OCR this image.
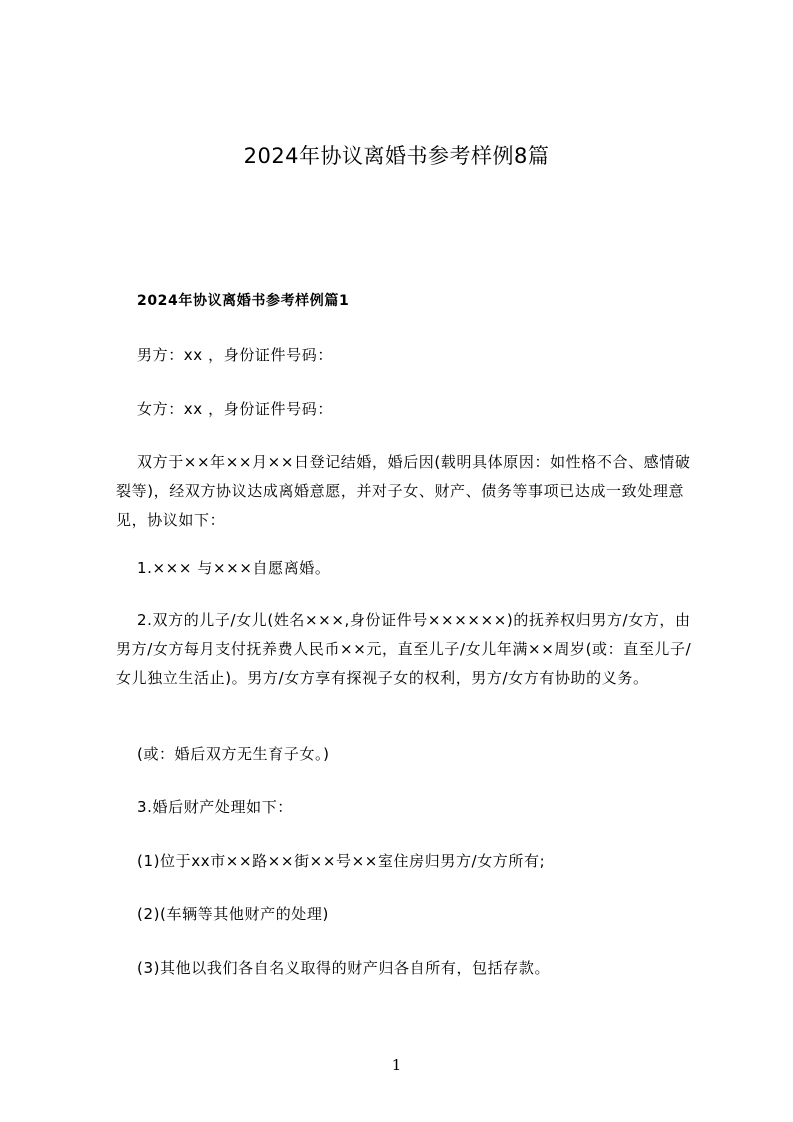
2024年协议离婚书参考样例8篇
2024年协议离婚书参考样例篇1
男方：xx ，身份证件号码：
女方：xx ，身份证件号码：
双方于××年××月××日登记结婚，婚后因(载明具体原因：如性格不合、感情破裂等)，经双方协议达成离婚意愿，并对子女、财产、债务等事项已达成一致处理意见，协议如下：
1.××× 与×××自愿离婚。
2.双方的儿子/女儿(姓名×××,身份证件号××××××)的抚养权归男方/女方，由男方/女方每月支付抚养费人民币××元，直至儿子/女儿年满××周岁(或：直至儿子/女儿独立生活止)。男方/女方享有探视子女的权利，男方/女方有协助的义务。
(或：婚后双方无生育子女。)
3.婚后财产处理如下：
(1)位于xx市××路××街××号××室住房归男方/女方所有;
(2)(车辆等其他财产的处理)
(3)其他以我们各自名义取得的财产归各自所有，包括存款。
1
